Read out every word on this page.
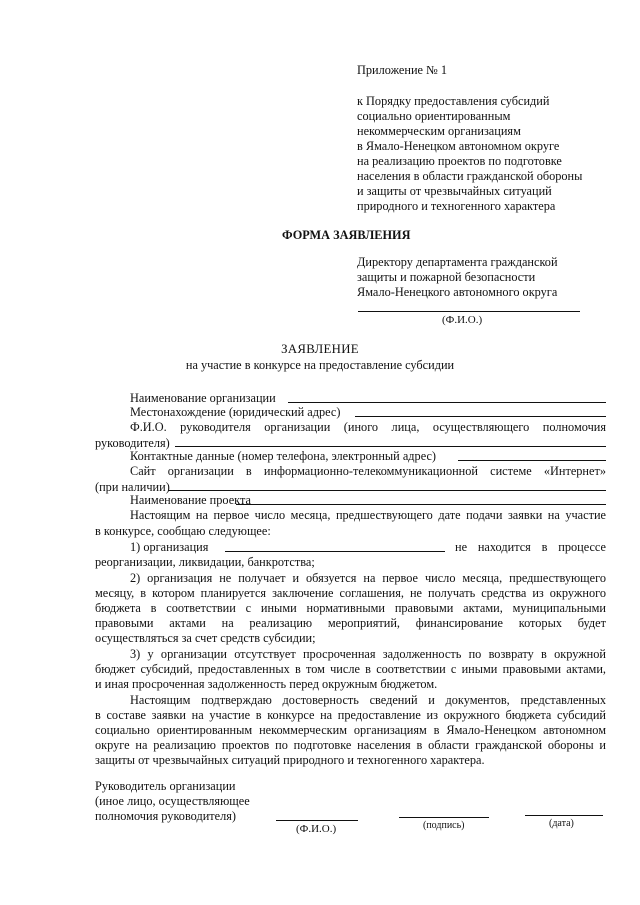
Приложение № 1
к Порядку предоставления субсидий
социально ориентированным
некоммерческим организациям
в Ямало-Ненецком автономном округе
на реализацию проектов по подготовке
населения в области гражданской обороны
и защиты от чрезвычайных ситуаций
природного и техногенного характера
ФОРМА ЗАЯВЛЕНИЯ
Директору департамента гражданской
защиты и пожарной безопасности
Ямало-Ненецкого автономного округа
(Ф.И.О.)
ЗАЯВЛЕНИЕ
на участие в конкурсе на предоставление субсидии
Наименование организации
Местонахождение (юридический адрес)
Ф.И.О. руководителя организации (иного лица, осуществляющего полномочия
руководителя)
Контактные данные (номер телефона, электронный адрес)
Сайт организации в информационно-телекоммуникационной системе «Интернет»
(при наличии)
Наименование проекта
Настоящим на первое число месяца, предшествующего дате подачи заявки на участие
в конкурсе, сообщаю следующее:
1) организация	не находится в процессе
реорганизации, ликвидации, банкротства;
2) организация не получает и обязуется на первое число месяца, предшествующего
месяцу, в котором планируется заключение соглашения, не получать средства из окружного
бюджета в соответствии с иными нормативными правовыми актами, муниципальными
правовыми актами на реализацию мероприятий, финансирование которых будет
осуществляться за счет средств субсидии;
3) у организации отсутствует просроченная задолженность по возврату в окружной
бюджет субсидий, предоставленных в том числе в соответствии с иными правовыми актами,
и иная просроченная задолженность перед окружным бюджетом.
Настоящим подтверждаю достоверность сведений и документов, представленных
в составе заявки на участие в конкурсе на предоставление из окружного бюджета субсидий
социально ориентированным некоммерческим организациям в Ямало-Ненецком автономном
округе на реализацию проектов по подготовке населения в области гражданской обороны и
защиты от чрезвычайных ситуаций природного и техногенного характера.
Руководитель организации
(иное лицо, осуществляющее
полномочия руководителя)
(Ф.И.О.)	(подпись)	(дата)
